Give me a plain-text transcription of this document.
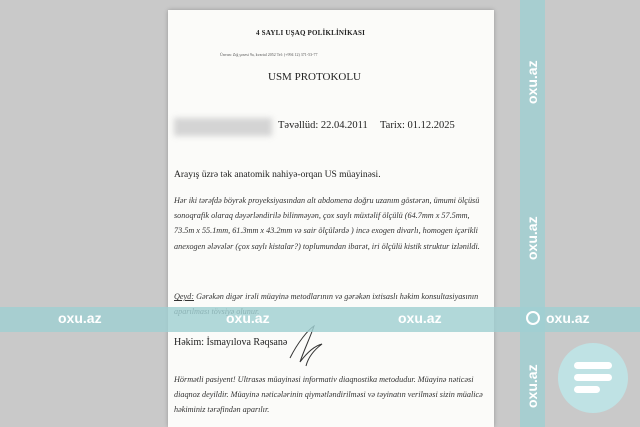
4 SAYLI UŞAQ POLİKLİNİKASI
Ünvan: Zığ şosesi 9a, kvartal 2052 Tel: (+994 12) 371-53-77
USM PROTOKOLU
Təvəllüd: 22.04.2011 Tarix: 01.12.2025
Arayış üzrə tək anatomik nahiyə-orqan US müayinəsi.
Hər iki tərəfdə böyrək proyeksiyasından alt abdomena doğru uzanım göstərən, ümumi ölçüsü sonoqrafik olaraq dəyərləndirilə bilinməyən, çox saylı müxtəlif ölçülü (64.7mm x 57.5mm, 73.5m x 55.1mm, 61.3mm x 43.2mm və sair ölçülərdə ) incə exogen divarlı, homogen içərikli anexogen ələvələr (çox saylı kistalar?) toplumundan ibarət, iri ölçülü kistik struktur izlənildi.
Qeyd: Gərəkən digər irəli müayinə metodlarının və gərəkən ixtisaslı həkim konsultasiyasının
Həkim: İsmayılova Rəqsanə
Hörmətli pasiyent! Ultrasəs müayinəsi informativ diaqnostika metodudur. Müayinə nəticəsi diaqnoz deyildir. Müayinə nəticələrinin qiymətləndirilməsi və təyinatın verilməsi sizin müalicə həkiminiz tərəfindən aparılır.
oxu.az	oxu.az	oxu.az	oxu.az
oxu.az
oxu.az
oxu.az
